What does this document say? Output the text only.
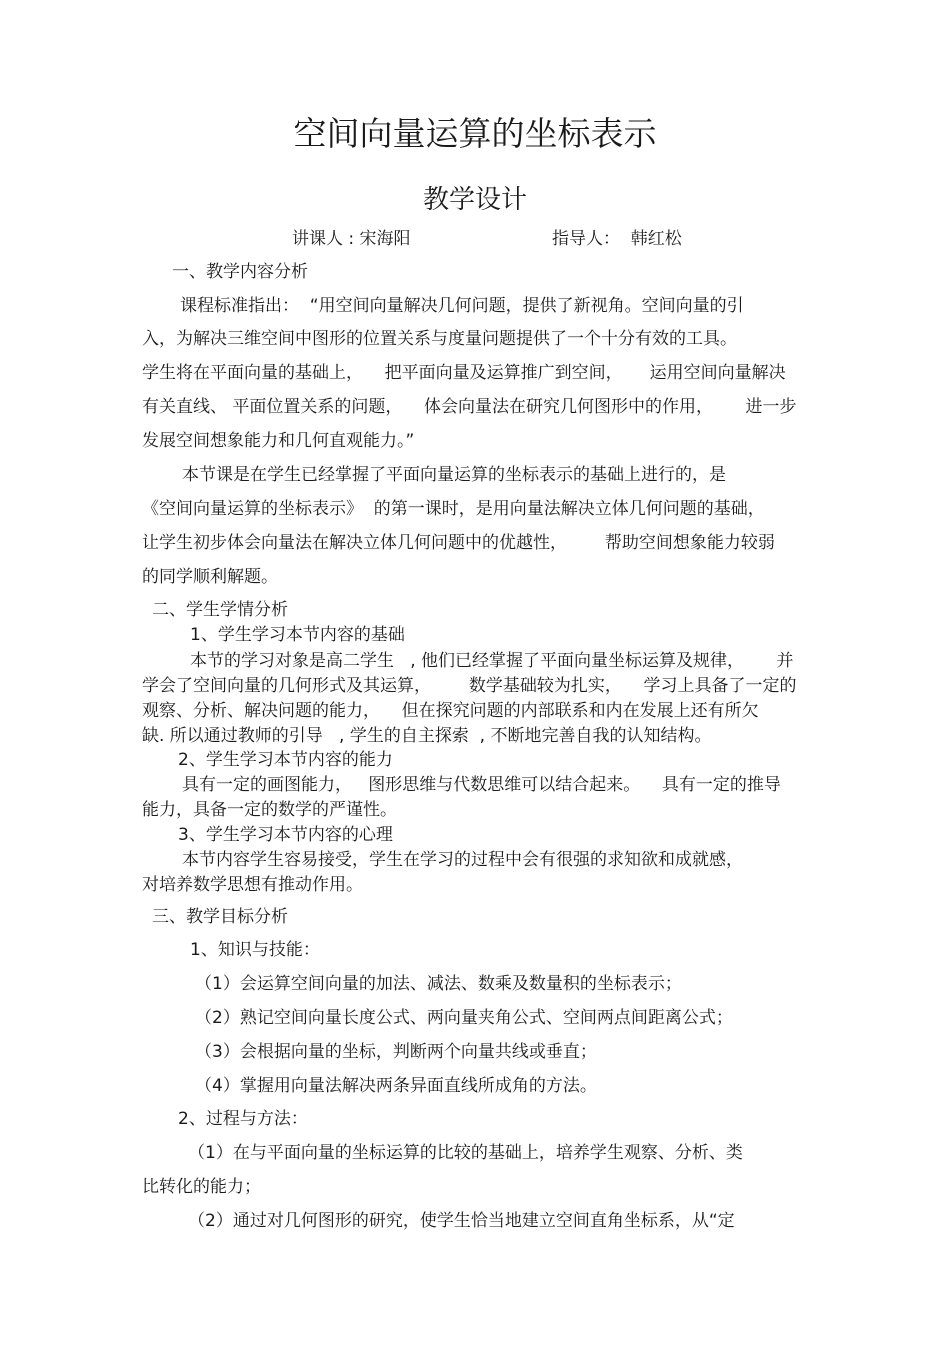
空间向量运算的坐标表示
教学设计
讲课人 : 宋海阳	指导人：  韩红松
一、教学内容分析
课程标准指出：  “用空间向量解决几何问题，提供了新视角。空间向量的引
入，为解决三维空间中图形的位置关系与度量问题提供了一个十分有效的工具。
学生将在平面向量的基础上，    把平面向量及运算推广到空间，     运用空间向量解决
有关直线、 平面位置关系的问题，    体会向量法在研究几何图形中的作用，      进一步
发展空间想象能力和几何直观能力。”
本节课是在学生已经掌握了平面向量运算的坐标表示的基础上进行的，是
《空间向量运算的坐标表示》  的第一课时，是用向量法解决立体几何问题的基础，
让学生初步体会向量法在解决立体几何问题中的优越性，       帮助空间想象能力较弱
的同学顺利解题。
二、学生学情分析
1、学生学习本节内容的基础
本节的学习对象是高二学生   , 他们已经掌握了平面向量坐标运算及规律，      并
学会了空间向量的几何形式及其运算，       数学基础较为扎实，    学习上具备了一定的
观察、分析、解决问题的能力，    但在探究问题的内部联系和内在发展上还有所欠
缺. 所以通过教师的引导   , 学生的自主探索  , 不断地完善自我的认知结构。
2、学生学习本节内容的能力
具有一定的画图能力，   图形思维与代数思维可以结合起来。    具有一定的推导
能力，具备一定的数学的严谨性。
3、学生学习本节内容的心理
本节内容学生容易接受，学生在学习的过程中会有很强的求知欲和成就感，
对培养数学思想有推动作用。
三、教学目标分析
1、知识与技能：
（1）会运算空间向量的加法、减法、数乘及数量积的坐标表示；
（2）熟记空间向量长度公式、两向量夹角公式、空间两点间距离公式；
（3）会根据向量的坐标，判断两个向量共线或垂直；
（4）掌握用向量法解决两条异面直线所成角的方法。
2、过程与方法：
（1）在与平面向量的坐标运算的比较的基础上，培养学生观察、分析、类
比转化的能力；
（2）通过对几何图形的研究，使学生恰当地建立空间直角坐标系，从“定
